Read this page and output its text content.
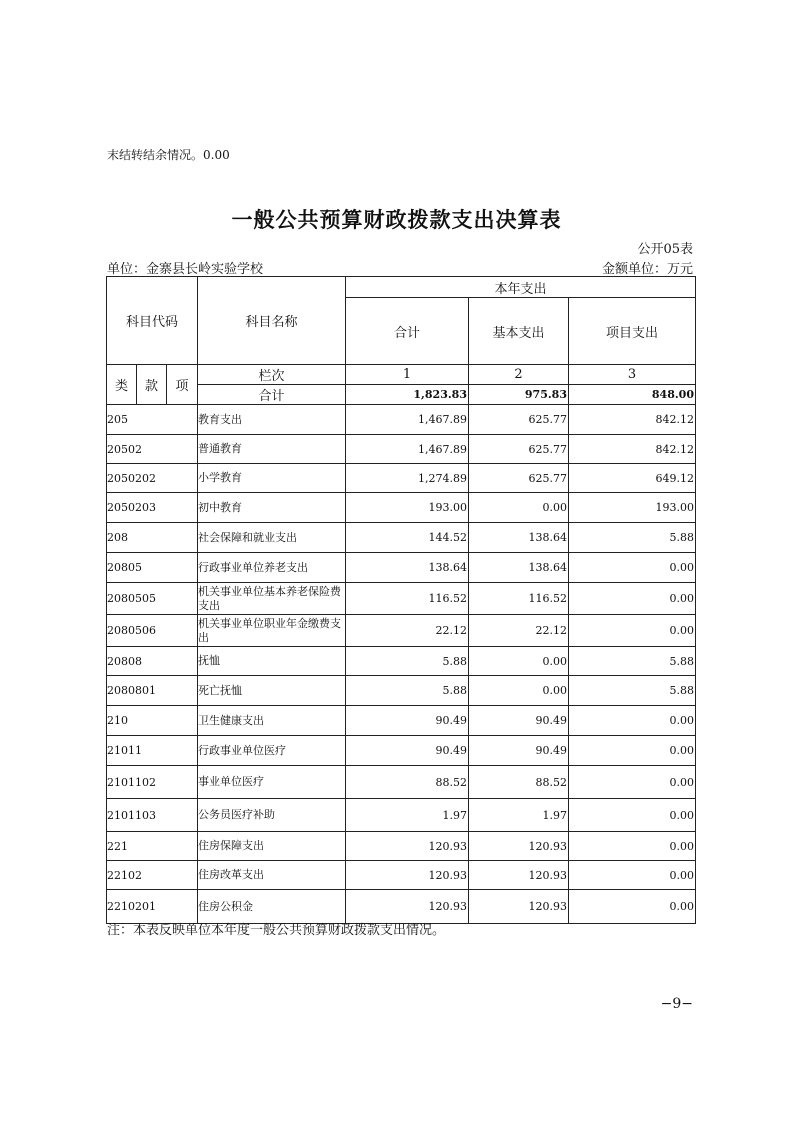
末结转结余情况。0.00
一般公共预算财政拨款支出决算表
公开05表
单位：金寨县长岭实验学校	金额单位：万元
科目代码			科目名称	本年支出		
				合计	基本支出	项目支出
类	款	项	栏次	1	2	3
			合计	1,823.83	975.83	848.00
205			教育支出	1,467.89	625.77	842.12
20502			普通教育	1,467.89	625.77	842.12
2050202			小学教育	1,274.89	625.77	649.12
2050203			初中教育	193.00	0.00	193.00
208			社会保障和就业支出	144.52	138.64	5.88
20805			行政事业单位养老支出	138.64	138.64	0.00
2080505			机关事业单位基本养老保险费支出	116.52	116.52	0.00
2080506			机关事业单位职业年金缴费支出	22.12	22.12	0.00
20808			抚恤	5.88	0.00	5.88
2080801			死亡抚恤	5.88	0.00	5.88
210			卫生健康支出	90.49	90.49	0.00
21011			行政事业单位医疗	90.49	90.49	0.00
2101102			事业单位医疗	88.52	88.52	0.00
2101103			公务员医疗补助	1.97	1.97	0.00
221			住房保障支出	120.93	120.93	0.00
22102			住房改革支出	120.93	120.93	0.00
2210201			住房公积金	120.93	120.93	0.00
注：本表反映单位本年度一般公共预算财政拨款支出情况。
−9−
